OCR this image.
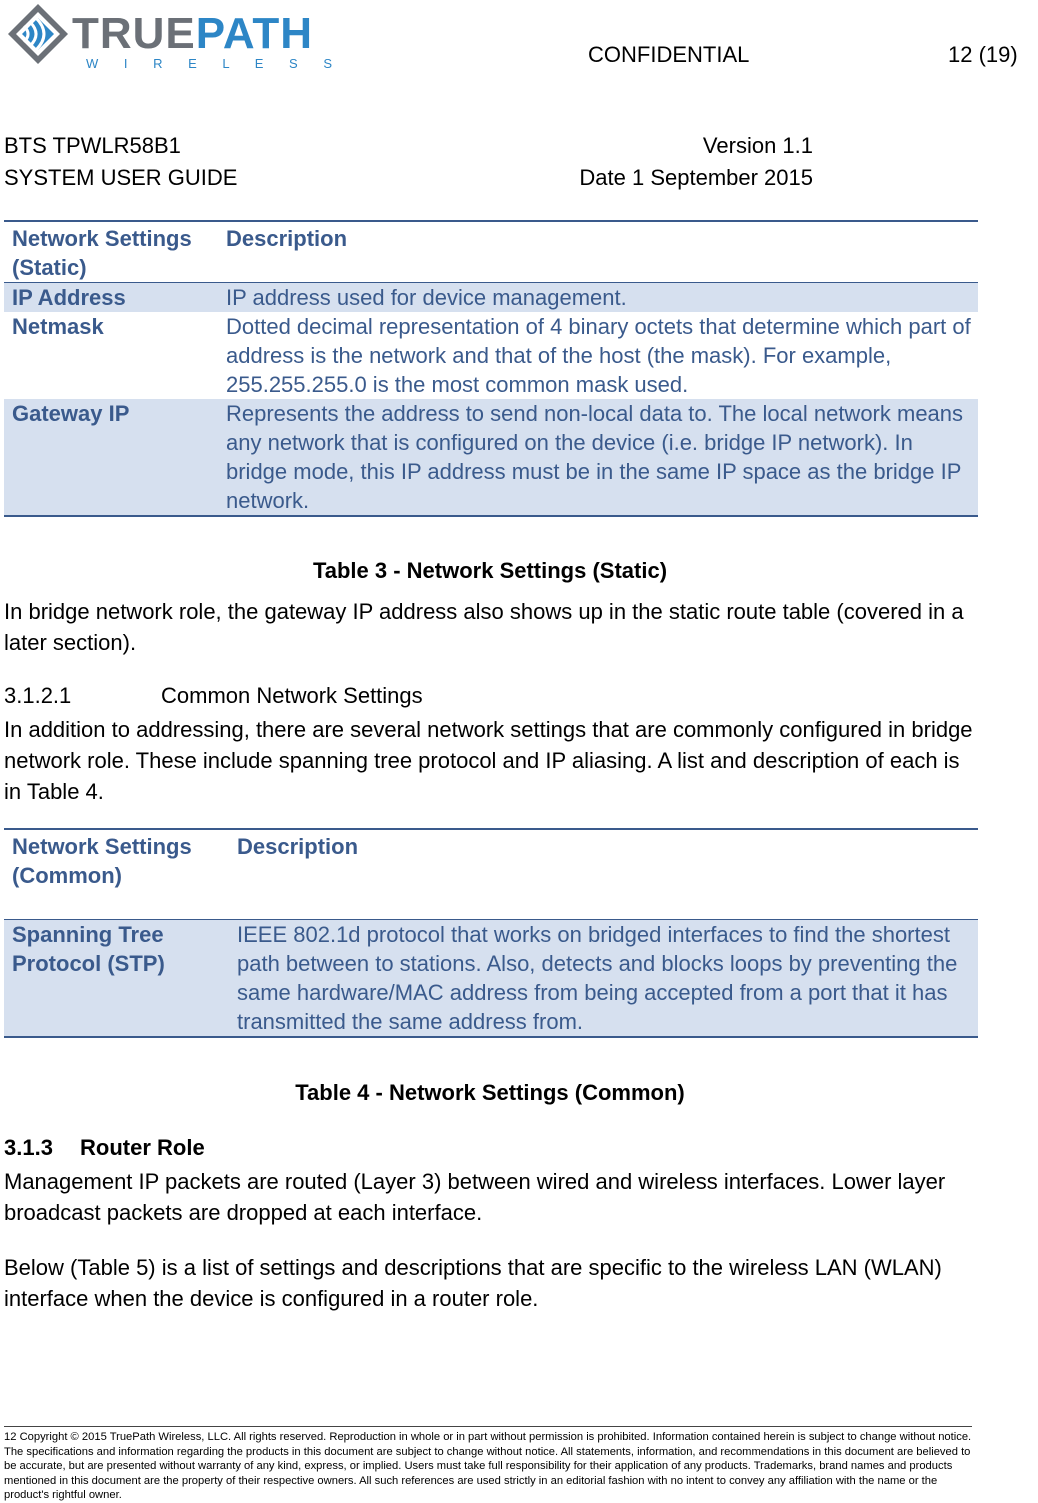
TRUEPATH
W I R E L E S S	CONFIDENTIAL	12 (19)
BTS TPWLR58B1
SYSTEM USER GUIDE
Version 1.1
Date 1 September 2015
Network Settings (Static)	Description
IP Address	IP address used for device management.
Netmask	Dotted decimal representation of 4 binary octets that determine which part of address is the network and that of the host (the mask). For example, 255.255.255.0 is the most common mask used.
Gateway IP	Represents the address to send non-local data to. The local network means any network that is configured on the device (i.e. bridge IP network). In bridge mode, this IP address must be in the same IP space as the bridge IP network.
Table 3 - Network Settings (Static)
In bridge network role, the gateway IP address also shows up in the static route table (covered in a later section).
3.1.2.1	Common Network Settings
In addition to addressing, there are several network settings that are commonly configured in bridge network role. These include spanning tree protocol and IP aliasing. A list and description of each is in Table 4.
Network Settings (Common)	Description
Spanning Tree Protocol (STP)	IEEE 802.1d protocol that works on bridged interfaces to find the shortest path between to stations. Also, detects and blocks loops by preventing the same hardware/MAC address from being accepted from a port that it has transmitted the same address from.
Table 4 - Network Settings (Common)
3.1.3 Router Role
Management IP packets are routed (Layer 3) between wired and wireless interfaces. Lower layer broadcast packets are dropped at each interface.
Below (Table 5) is a list of settings and descriptions that are specific to the wireless LAN (WLAN) interface when the device is configured in a router role.
12 Copyright © 2015 TruePath Wireless, LLC. All rights reserved. Reproduction in whole or in part without permission is prohibited. Information contained herein is subject to change without notice. The specifications and information regarding the products in this document are subject to change without notice. All statements, information, and recommendations in this document are believed to be accurate, but are presented without warranty of any kind, express, or implied. Users must take full responsibility for their application of any products. Trademarks, brand names and products mentioned in this document are the property of their respective owners. All such references are used strictly in an editorial fashion with no intent to convey any affiliation with the name or the product's rightful owner.
